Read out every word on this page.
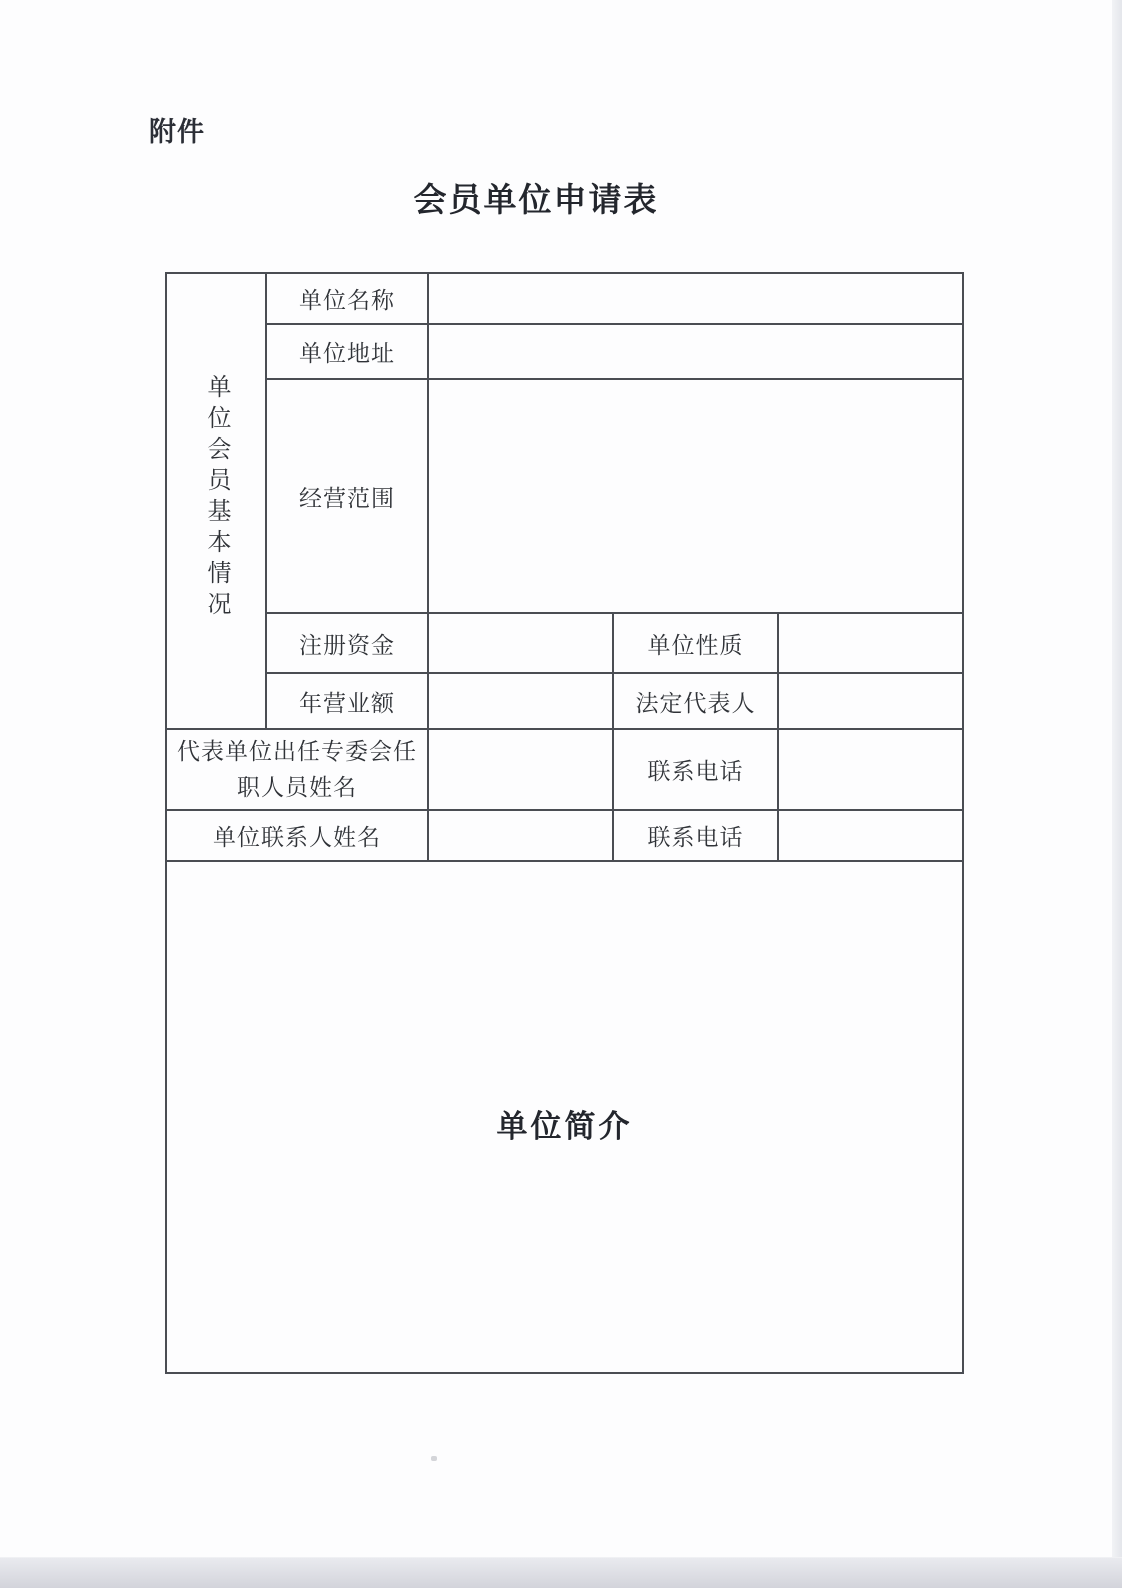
附件
会员单位申请表
单位会员基本情况	单位名称			
	单位地址			
	经营范围			
	注册资金		单位性质	
	年营业额		法定代表人	
代表单位出任专委会任职人员姓名			联系电话	
单位联系人姓名			联系电话	

单位简介				
